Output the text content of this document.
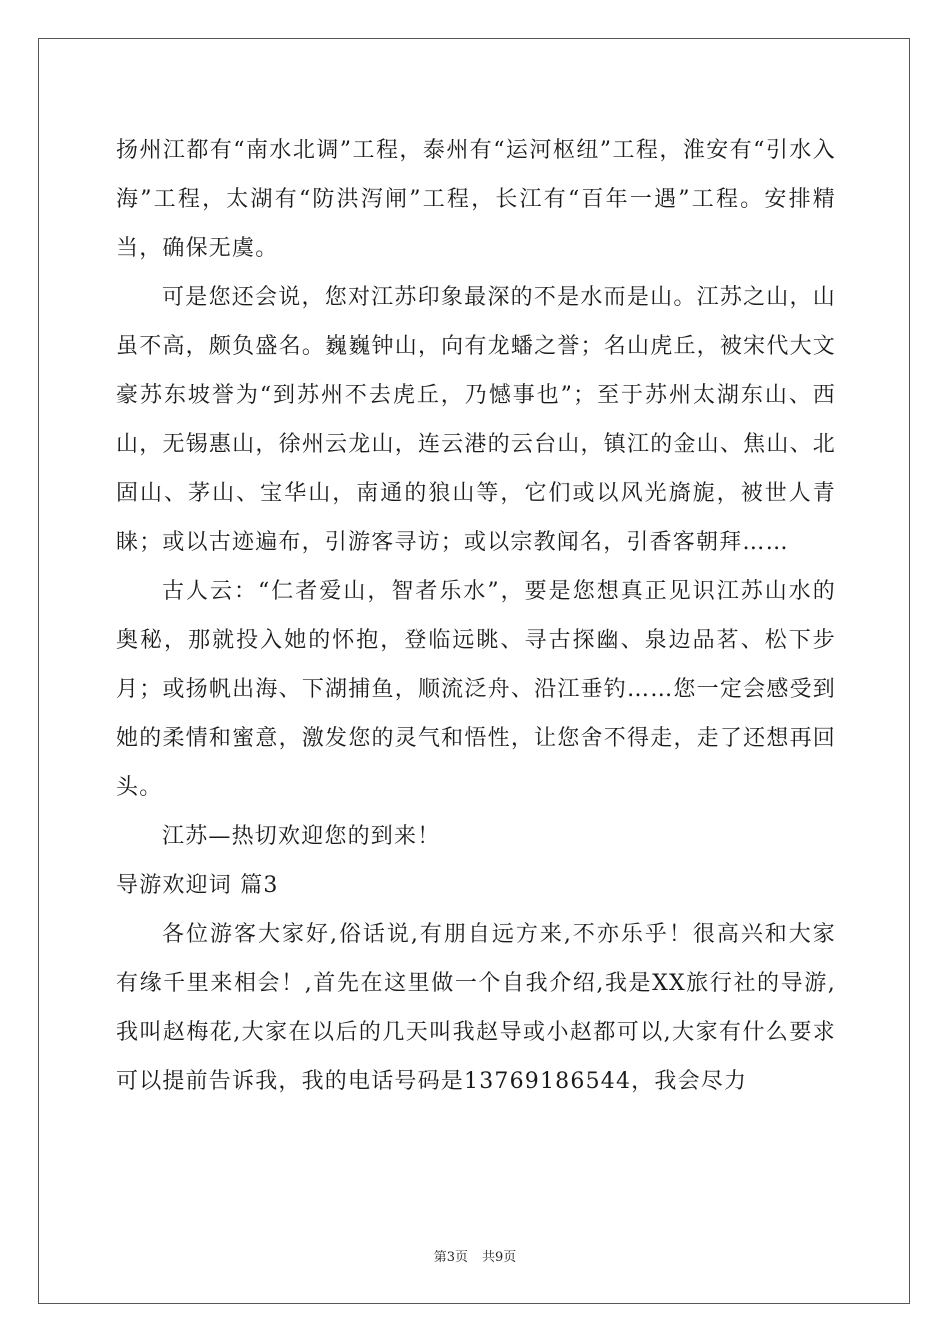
扬州江都有“南水北调”工程，泰州有“运河枢纽”工程，淮安有“引水入海”工程，太湖有“防洪泻闸”工程，长江有“百年一遇”工程。安排精当，确保无虞。

可是您还会说，您对江苏印象最深的不是水而是山。江苏之山，山虽不高，颇负盛名。巍巍钟山，向有龙蟠之誉；名山虎丘，被宋代大文豪苏东坡誉为“到苏州不去虎丘，乃憾事也”；至于苏州太湖东山、西山，无锡惠山，徐州云龙山，连云港的云台山，镇江的金山、焦山、北固山、茅山、宝华山，南通的狼山等，它们或以风光旖旎，被世人青睐；或以古迹遍布，引游客寻访；或以宗教闻名，引香客朝拜……

古人云：“仁者爱山，智者乐水”，要是您想真正见识江苏山水的奥秘，那就投入她的怀抱，登临远眺、寻古探幽、泉边品茗、松下步月；或扬帆出海、下湖捕鱼，顺流泛舟、沿江垂钓……您一定会感受到她的柔情和蜜意，激发您的灵气和悟性，让您舍不得走，走了还想再回头。

江苏—热切欢迎您的到来！

导游欢迎词 篇3

各位游客大家好,俗话说,有朋自远方来,不亦乐乎！很高兴和大家有缘千里来相会！,首先在这里做一个自我介绍,我是XX旅行社的导游,我叫赵梅花,大家在以后的几天叫我赵导或小赵都可以,大家有什么要求可以提前告诉我，我的电话号码是13769186544，我会尽力

第3页 共9页
